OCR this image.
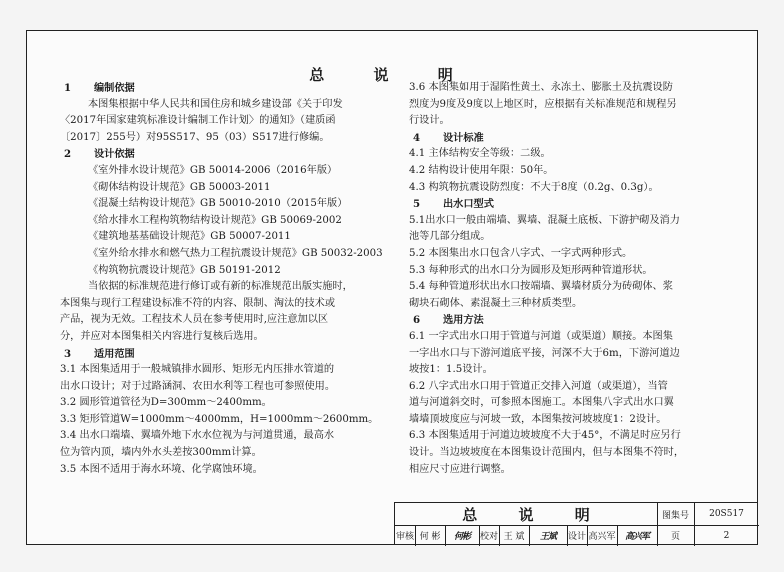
总 说 明
1 编制依据
本图集根据中华人民共和国住房和城乡建设部《关于印发
〈2017年国家建筑标准设计编制工作计划〉的通知》（建质函
〔2017〕255号）对95S517、95（03）S517进行修编。
2 设计依据
《室外排水设计规范》GB 50014-2006（2016年版）
《砌体结构设计规范》GB 50003-2011
《混凝土结构设计规范》GB 50010-2010（2015年版）
《给水排水工程构筑物结构设计规范》GB 50069-2002
《建筑地基基础设计规范》GB 50007-2011
《室外给水排水和燃气热力工程抗震设计规范》GB 50032-2003
《构筑物抗震设计规范》GB 50191-2012
当依据的标准规范进行修订或有新的标准规范出版实施时，
本图集与现行工程建设标准不符的内容、限制、淘汰的技术或
产品，视为无效。工程技术人员在参考使用时,应注意加以区
分，并应对本图集相关内容进行复核后选用。
3 适用范围
3.1 本图集适用于一般城镇排水圆形、矩形无内压排水管道的
出水口设计；对于过路涵洞、农田水利等工程也可参照使用。
3.2 圆形管道管径为D=300mm～2400mm。
3.3 矩形管道W=1000mm～4000mm，H=1000mm～2600mm。
3.4 出水口端墙、翼墙外地下水水位视为与河道贯通，最高水
位为管内顶，墙内外水头差按300mm计算。
3.5 本图不适用于海水环境、化学腐蚀环境。
3.6 本图集如用于湿陷性黄土、永冻土、膨胀土及抗震设防
烈度为9度及9度以上地区时，应根据有关标准规范和规程另
行设计。
4 设计标准
4.1 主体结构安全等级：二级。
4.2 结构设计使用年限：50年。
4.3 构筑物抗震设防烈度：不大于8度（0.2g、0.3g）。
5 出水口型式
5.1出水口一般由端墙、翼墙、混凝土底板、下游护砌及消力
池等几部分组成。
5.2 本图集出水口包含八字式、一字式两种形式。
5.3 每种形式的出水口分为圆形及矩形两种管道形状。
5.4 每种管道形状出水口按端墙、翼墙材质分为砖砌体、浆
砌块石砌体、素混凝土三种材质类型。
6 选用方法
6.1 一字式出水口用于管道与河道（或渠道）顺接。本图集
一字出水口与下游河道底平接，河深不大于6m，下游河道边
坡按1：1.5设计。
6.2 八字式出水口用于管道正交排入河道（或渠道），当管
道与河道斜交时，可参照本图施工。本图集八字式出水口翼
墙墙顶坡度应与河坡一致，本图集按河坡坡度1：2设计。
6.3 本图集适用于河道边坡坡度不大于45°，不满足时应另行
设计。当边坡坡度在本图集设计范围内，但与本图集不符时，
相应尺寸应进行调整。
总 说 明	图集号	20S517
审核 何 彬	何彬	校对 王 斌	王斌	设计 高兴军	高兴军	页	2
